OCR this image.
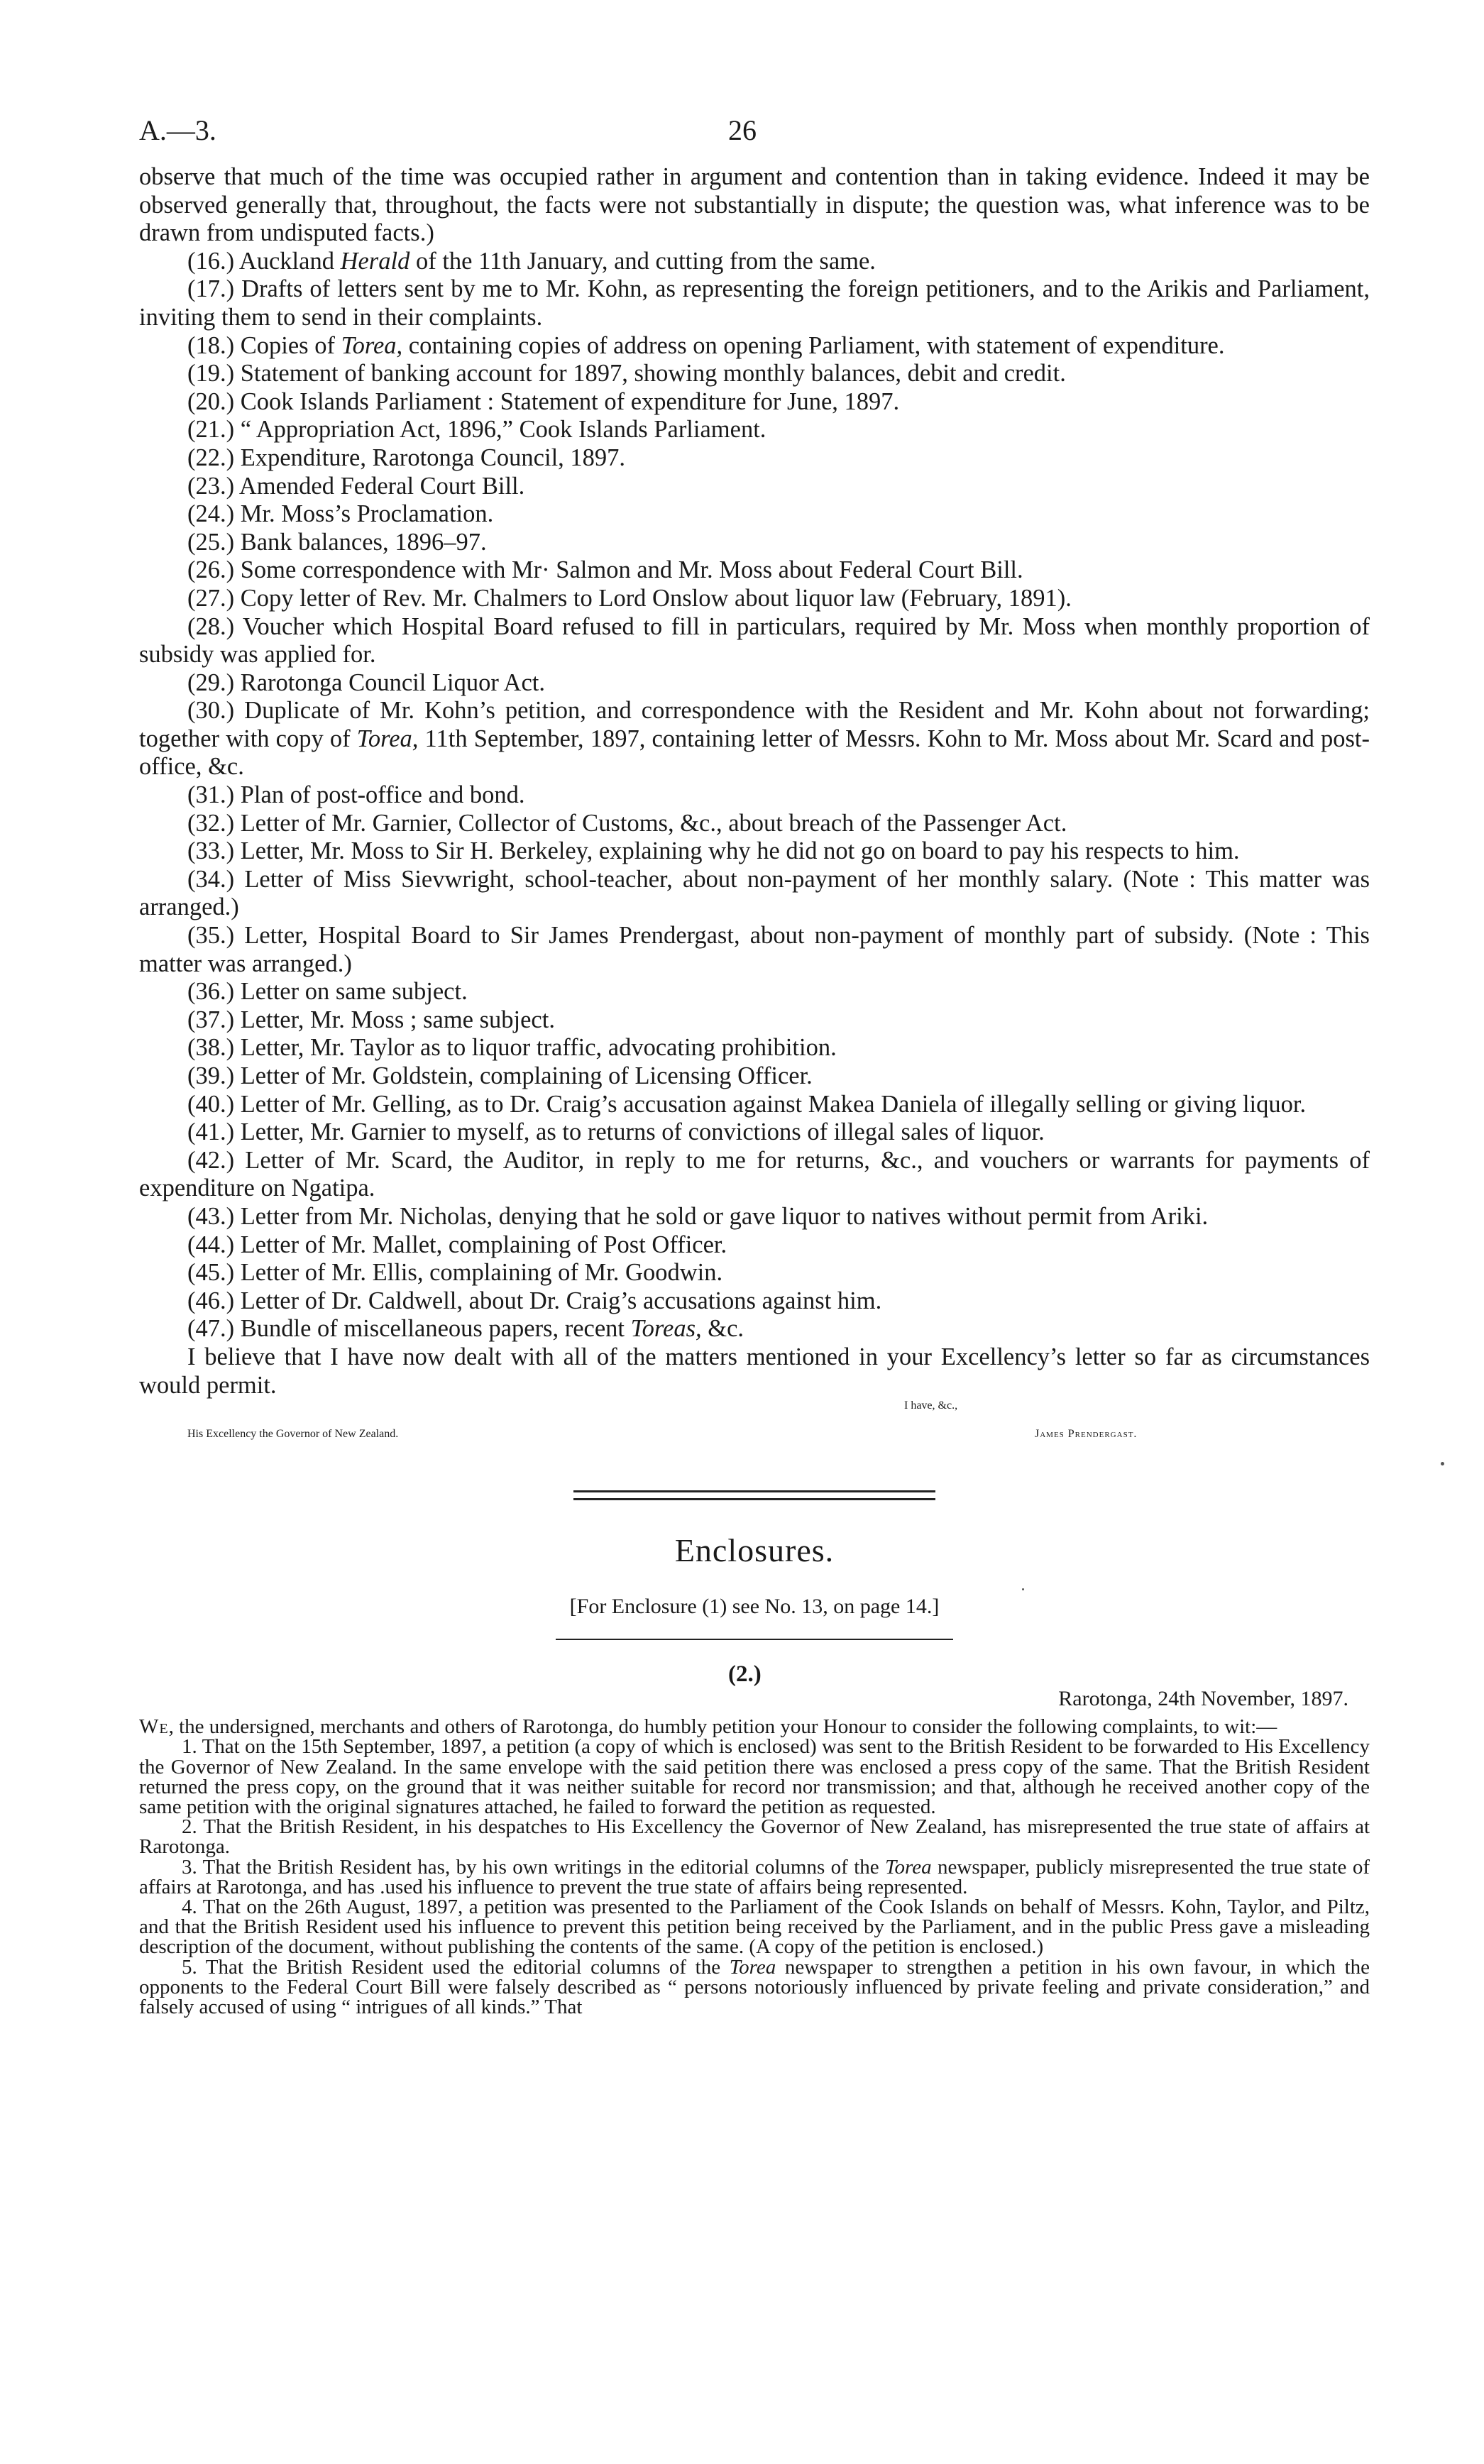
A.—3.	26

observe that much of the time was occupied rather in argument and contention than in taking evidence. Indeed it may be observed generally that, throughout, the facts were not substantially in dispute; the question was, what inference was to be drawn from undisputed facts.)

(16.) Auckland Herald of the 11th January, and cutting from the same.

(17.) Drafts of letters sent by me to Mr. Kohn, as representing the foreign petitioners, and to the Arikis and Parliament, inviting them to send in their complaints.

(18.) Copies of Torea, containing copies of address on opening Parliament, with statement of expenditure.

(19.) Statement of banking account for 1897, showing monthly balances, debit and credit.

(20.) Cook Islands Parliament : Statement of expenditure for June, 1897.

(21.) “ Appropriation Act, 1896,” Cook Islands Parliament.

(22.) Expenditure, Rarotonga Council, 1897.

(23.) Amended Federal Court Bill.

(24.) Mr. Moss’s Proclamation.

(25.) Bank balances, 1896–97.

(26.) Some correspondence with Mr· Salmon and Mr. Moss about Federal Court Bill.

(27.) Copy letter of Rev. Mr. Chalmers to Lord Onslow about liquor law (February, 1891).

(28.) Voucher which Hospital Board refused to fill in particulars, required by Mr. Moss when monthly proportion of subsidy was applied for.

(29.) Rarotonga Council Liquor Act.

(30.) Duplicate of Mr. Kohn’s petition, and correspondence with the Resident and Mr. Kohn about not forwarding; together with copy of Torea, 11th September, 1897, containing letter of Messrs. Kohn to Mr. Moss about Mr. Scard and post-office, &c.

(31.) Plan of post-office and bond.

(32.) Letter of Mr. Garnier, Collector of Customs, &c., about breach of the Passenger Act.

(33.) Letter, Mr. Moss to Sir H. Berkeley, explaining why he did not go on board to pay his respects to him.

(34.) Letter of Miss Sievwright, school-teacher, about non-payment of her monthly salary. (Note : This matter was arranged.)

(35.) Letter, Hospital Board to Sir James Prendergast, about non-payment of monthly part of subsidy. (Note : This matter was arranged.)

(36.) Letter on same subject.

(37.) Letter, Mr. Moss ; same subject.

(38.) Letter, Mr. Taylor as to liquor traffic, advocating prohibition.

(39.) Letter of Mr. Goldstein, complaining of Licensing Officer.

(40.) Letter of Mr. Gelling, as to Dr. Craig’s accusation against Makea Daniela of illegally selling or giving liquor.

(41.) Letter, Mr. Garnier to myself, as to returns of convictions of illegal sales of liquor.

(42.) Letter of Mr. Scard, the Auditor, in reply to me for returns, &c., and vouchers or warrants for payments of expenditure on Ngatipa.

(43.) Letter from Mr. Nicholas, denying that he sold or gave liquor to natives without permit from Ariki.

(44.) Letter of Mr. Mallet, complaining of Post Officer.

(45.) Letter of Mr. Ellis, complaining of Mr. Goodwin.

(46.) Letter of Dr. Caldwell, about Dr. Craig’s accusations against him.

(47.) Bundle of miscellaneous papers, recent Toreas, &c.

I believe that I have now dealt with all of the matters mentioned in your Excellency’s letter so far as circumstances would permit.

I have, &c.,
His Excellency the Governor of New Zealand.	James Prendergast.
Enclosures.
[For Enclosure (1) see No. 13, on page 14.]
(2.)
Rarotonga, 24th November, 1897.

We, the undersigned, merchants and others of Rarotonga, do humbly petition your Honour to consider the following complaints, to wit:—

1. That on the 15th September, 1897, a petition (a copy of which is enclosed) was sent to the British Resident to be forwarded to His Excellency the Governor of New Zealand. In the same envelope with the said petition there was enclosed a press copy of the same. That the British Resident returned the press copy, on the ground that it was neither suitable for record nor transmission; and that, although he received another copy of the same petition with the original signatures attached, he failed to forward the petition as requested.

2. That the British Resident, in his despatches to His Excellency the Governor of New Zealand, has misrepresented the true state of affairs at Rarotonga.

3. That the British Resident has, by his own writings in the editorial columns of the Torea newspaper, publicly misrepresented the true state of affairs at Rarotonga, and has .used his influence to prevent the true state of affairs being represented.

4. That on the 26th August, 1897, a petition was presented to the Parliament of the Cook Islands on behalf of Messrs. Kohn, Taylor, and Piltz, and that the British Resident used his influence to prevent this petition being received by the Parliament, and in the public Press gave a misleading description of the document, without publishing the contents of the same. (A copy of the petition is enclosed.)

5. That the British Resident used the editorial columns of the Torea newspaper to strengthen a petition in his own favour, in which the opponents to the Federal Court Bill were falsely described as “ persons notoriously influenced by private feeling and private consideration,” and falsely accused of using “ intrigues of all kinds.” That
